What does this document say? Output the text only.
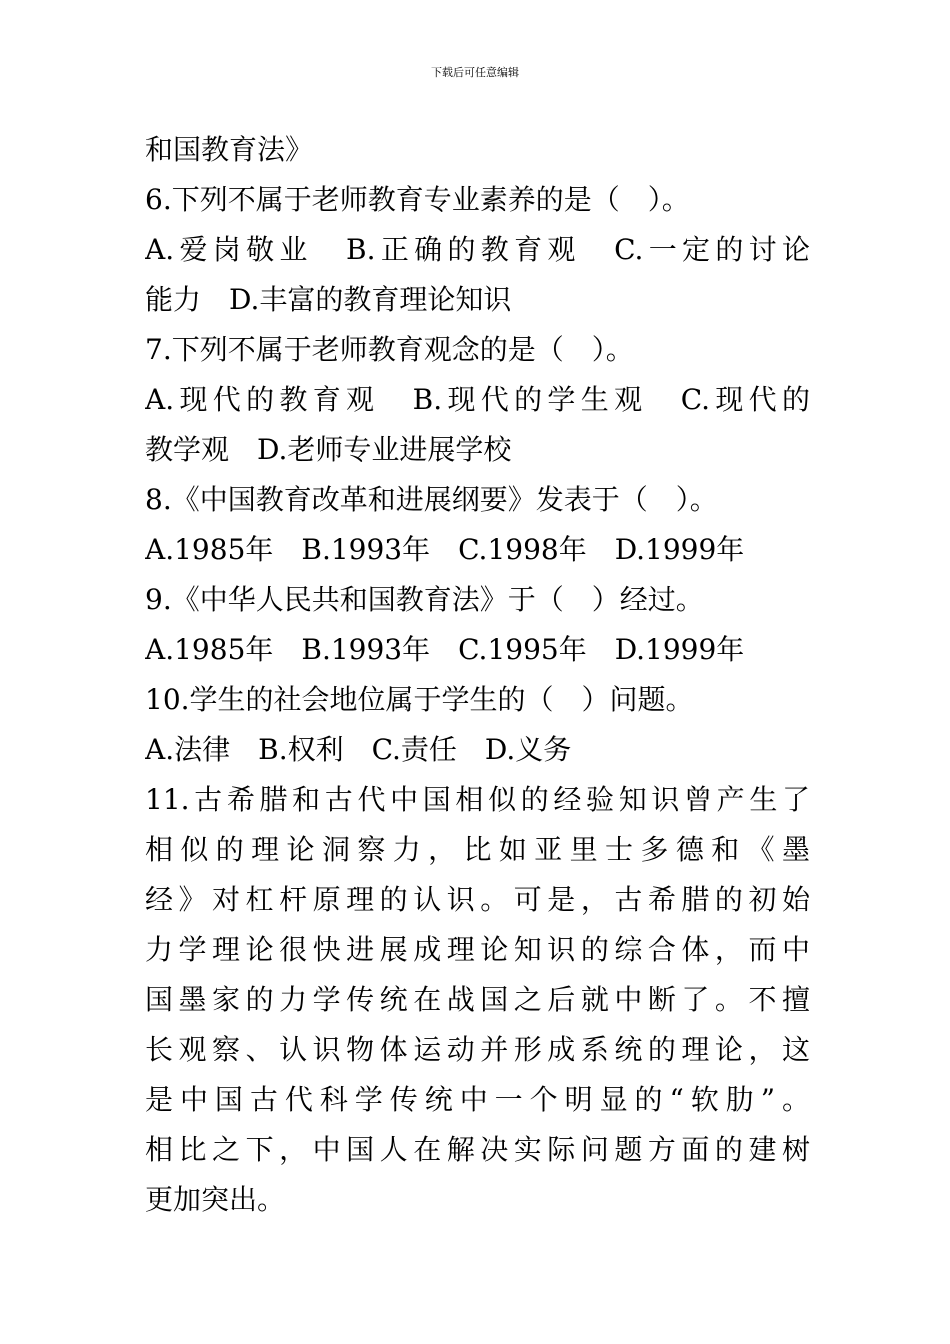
下载后可任意编辑
和国教育法》
6.下列不属于老师教育专业素养的是（　）。
A.爱岗敬业　B.正确的教育观　C.一定的讨论
能力　D.丰富的教育理论知识
7.下列不属于老师教育观念的是（　）。
A.现代的教育观　B.现代的学生观　C.现代的
教学观　D.老师专业进展学校
8.《中国教育改革和进展纲要》发表于（　）。
A.1985年　B.1993年　C.1998年　D.1999年
9.《中华人民共和国教育法》于（　）经过。
A.1985年　B.1993年　C.1995年　D.1999年
10.学生的社会地位属于学生的（　）问题。
A.法律　B.权利　C.责任　D.义务
11.古希腊和古代中国相似的经验知识曾产生了
相似的理论洞察力，比如亚里士多德和《墨
经》对杠杆原理的认识。可是，古希腊的初始
力学理论很快进展成理论知识的综合体，而中
国墨家的力学传统在战国之后就中断了。不擅
长观察、认识物体运动并形成系统的理论，这
是中国古代科学传统中一个明显的“软肋”。
相比之下，中国人在解决实际问题方面的建树
更加突出。
